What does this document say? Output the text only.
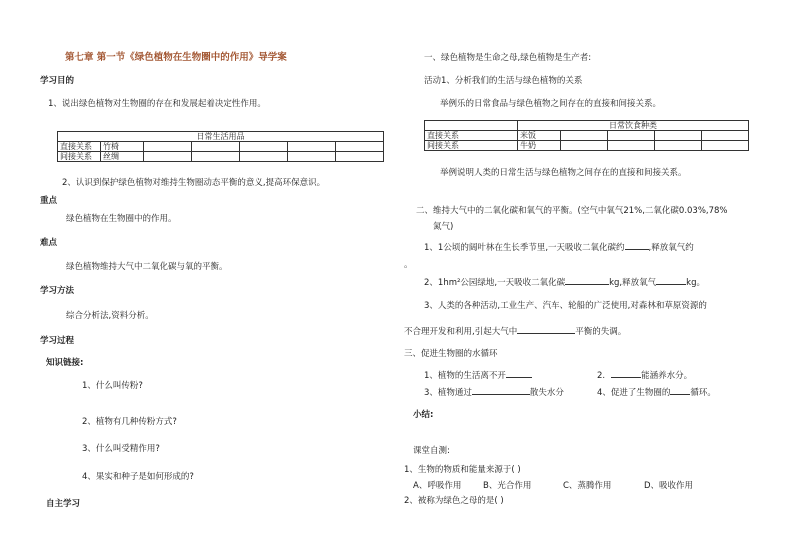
第七章 第一节《绿色植物在生物圈中的作用》导学案
学习目的
1、说出绿色植物对生物圈的存在和发展起着决定性作用。
日常生活用品						
直接关系	竹椅					
间接关系	丝绸					
2、认识到保护绿色植物对维持生物圈动态平衡的意义,提高环保意识。
重点
绿色植物在生物圈中的作用。
难点
绿色植物维持大气中二氧化碳与氧的平衡。
学习方法
综合分析法,资料分析。
学习过程
知识链接:
1、什么叫传粉?
2、植物有几种传粉方式?
3、什么叫受精作用?
4、果实和种子是如何形成的?
自主学习
一、绿色植物是生命之母,绿色植物是生产者:
活动1、分析我们的生活与绿色植物的关系
举例乐的日常食品与绿色植物之间存在的直接和间接关系。
	日常饮食种类				
直接关系	米饭				
间接关系	牛奶				
举例说明人类的日常生活与绿色植物之间存在的直接和间接关系。
二、维持大气中的二氧化碳和氧气的平衡。(空气中氧气21%,二氧化碳0.03%,78%
氮气)
1、1公顷的阔叶林在生长季节里,一天吸收二氧化碳约	,释放氧气约
。
2、1hm²公园绿地,一天吸收二氧化碳	kg,释放氧气	kg。
3、人类的各种活动,工业生产、汽车、轮船的广泛使用,对森林和草原资源的
不合理开发和利用,引起大气中	平衡的失调。
三、促进生物圈的水循环
1、植物的生活离不开	2.	能涵养水分。
3、植物通过	散失水分	4、促进了生物圈的 循环。
小结:
课堂自测:
1、生物的物质和能量来源于( )
A、呼吸作用	B、光合作用	C、蒸腾作用	D、吸收作用
2、被称为绿色之母的是( )
